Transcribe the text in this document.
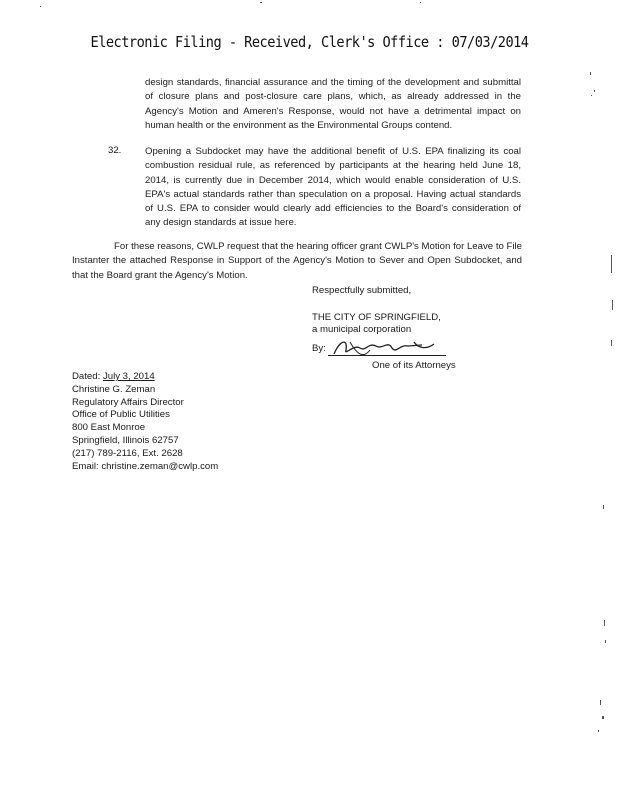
Electronic Filing - Received, Clerk's Office : 07/03/2014
design standards, financial assurance and the timing of the development and submittal of closure plans and post-closure care plans, which, as already addressed in the Agency's Motion and Ameren's Response, would not have a detrimental impact on human health or the environment as the Environmental Groups contend.
32. Opening a Subdocket may have the additional benefit of U.S. EPA finalizing its coal combustion residual rule, as referenced by participants at the hearing held June 18, 2014, is currently due in December 2014, which would enable consideration of U.S. EPA's actual standards rather than speculation on a proposal. Having actual standards of U.S. EPA to consider would clearly add efficiencies to the Board's consideration of any design standards at issue here.
For these reasons, CWLP request that the hearing officer grant CWLP's Motion for Leave to File Instanter the attached Response in Support of the Agency's Motion to Sever and Open Subdocket, and that the Board grant the Agency's Motion.
Respectfully submitted,
THE CITY OF SPRINGFIELD,
a municipal corporation
By:
One of its Attorneys
Dated: July 3, 2014
Christine G. Zeman
Regulatory Affairs Director
Office of Public Utilities
800 East Monroe
Springfield, Illinois 62757
(217) 789-2116, Ext. 2628
Email: christine.zeman@cwlp.com
